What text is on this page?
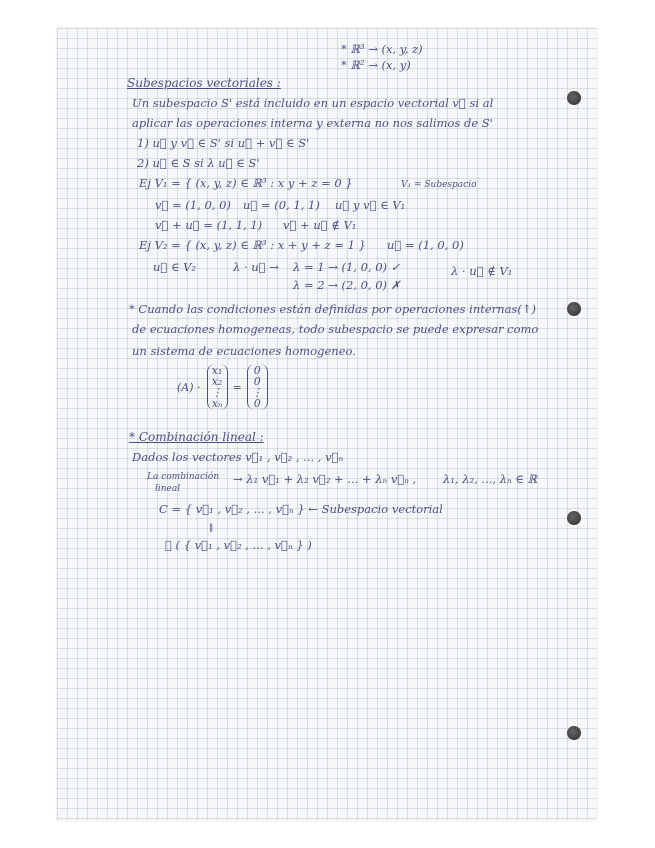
* ℝ³ → (x, y, z)
* ℝ² → (x, y)
Subespacios vectoriales :
Un subespacio S' está incluido en un espacio vectorial v⃗ si al
aplicar las operaciones interna y externa no nos salimos de S'
1) u⃗ y v⃗ ∈ S' si u⃗ + v⃗ ∈ S'
2) u⃗ ∈ S si λ u⃗ ∈ S'
Ej V₁ = { (x, y, z) ∈ ℝ³ : x y + z = 0 }	V₁ = Subespacio
v⃗ = (1, 0, 0) u⃗ = (0, 1, 1) u⃗ y v⃗ ∈ V₁
v⃗ + u⃗ = (1, 1, 1) v⃗ + u⃗ ∉ V₁
Ej V₂ = { (x, y, z) ∈ ℝ³ : x + y + z = 1 } u⃗ = (1, 0, 0)
u⃗ ∈ V₂	λ · u⃗ → λ = 1 → (1, 0, 0) ✓	λ · u⃗ ∉ V₁
λ = 2 → (2, 0, 0) ✗
* Cuando las condiciones están definidas por operaciones internas(↑)
de ecuaciones homogeneas, todo subespacio se puede expresar como
un sistema de ecuaciones homogeneo.
(A) ·
x₁
x₂
⋮
xₙ
=
0
0
⋮
0
* Combinación lineal :
Dados los vectores v⃗₁ , v⃗₂ , ... , v⃗ₙ
La combinación
lineal
→ λ₁ v⃗₁ + λ₂ v⃗₂ + ... + λₙ v⃗ₙ , λ₁, λ₂, ..., λₙ ∈ ℝ
C = { v⃗₁ , v⃗₂ , ... , v⃗ₙ } ← Subespacio vectorial
∥
ℒ ( { v⃗₁ , v⃗₂ , ... , v⃗ₙ } )
